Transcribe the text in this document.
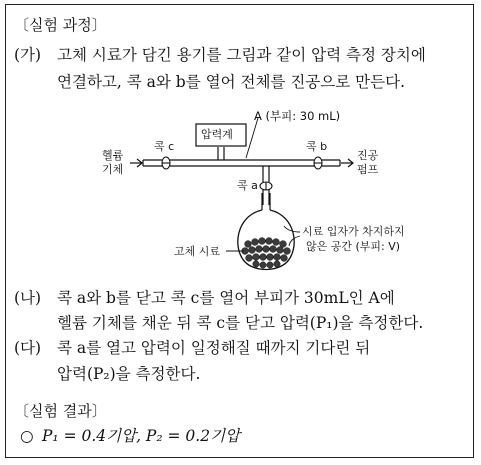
〔실험 과정〕
(가) 고체 시료가 담긴 용기를 그림과 같이 압력 측정 장치에
연결하고, 콕 a와 b를 열어 전체를 진공으로 만든다.
압력계
A (부피: 30 mL)
콕 c	콕 b
콕 a
헬륨
기체
진공
펌프
고체 시료
시료 입자가 차지하지
않은 공간 (부피: V)
(나) 콕 a와 b를 닫고 콕 c를 열어 부피가 30mL인 A에
헬륨 기체를 채운 뒤 콕 c를 닫고 압력(P₁)을 측정한다.
(다) 콕 a를 열고 압력이 일정해질 때까지 기다린 뒤
압력(P₂)을 측정한다.
〔실험 결과〕
○ P₁ = 0.4기압, P₂ = 0.2기압
